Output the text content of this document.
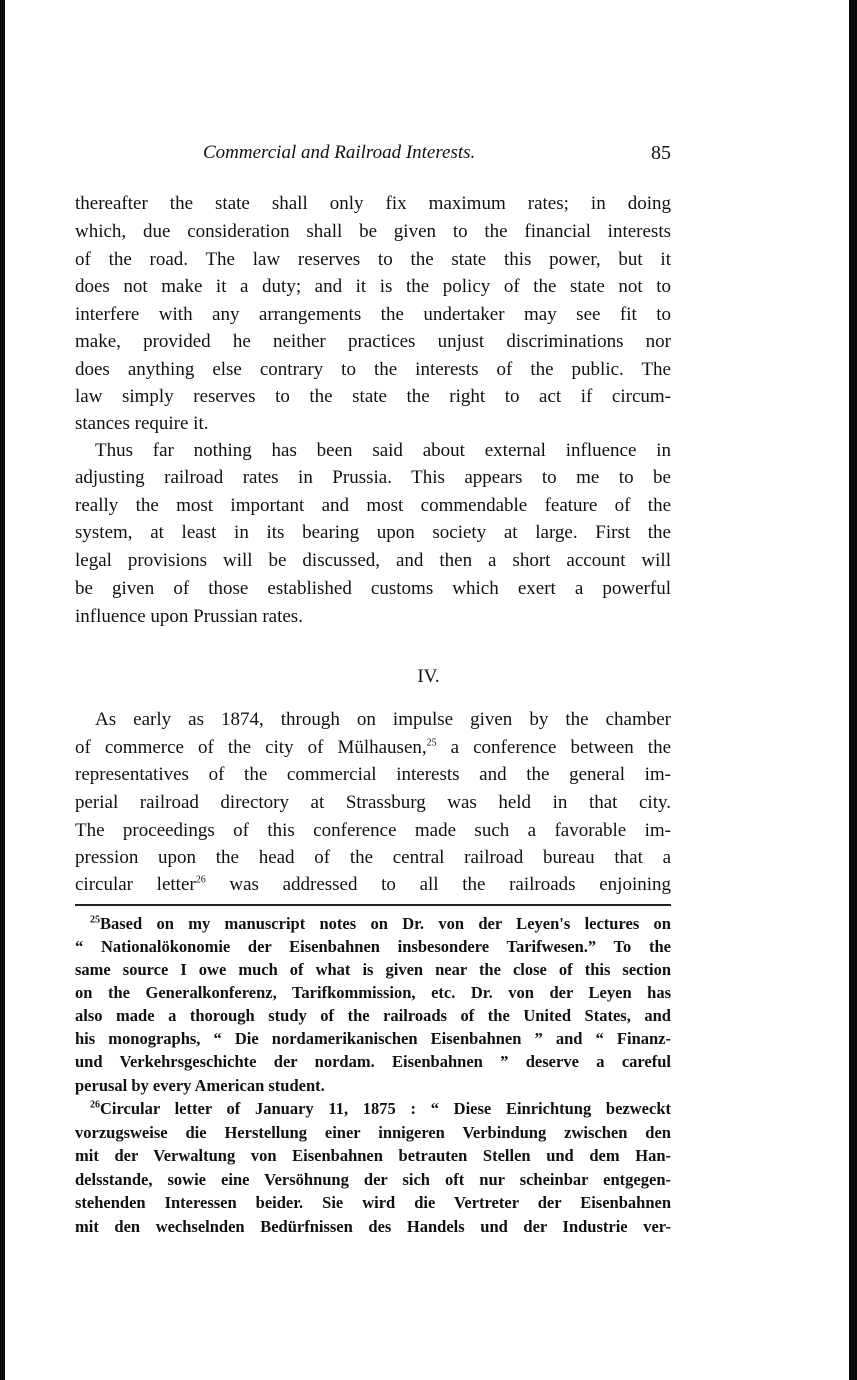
Commercial and Railroad Interests.	85
thereafter the state shall only fix maximum rates; in doing
which, due consideration shall be given to the financial interests
of the road. The law reserves to the state this power, but it
does not make it a duty; and it is the policy of the state not to
interfere with any arrangements the undertaker may see fit to
make, provided he neither practices unjust discriminations nor
does anything else contrary to the interests of the public. The
law simply reserves to the state the right to act if circum-
stances require it.
Thus far nothing has been said about external influence in
adjusting railroad rates in Prussia. This appears to me to be
really the most important and most commendable feature of the
system, at least in its bearing upon society at large. First the
legal provisions will be discussed, and then a short account will
be given of those established customs which exert a powerful
influence upon Prussian rates.
As early as 1874, through on impulse given by the chamber
of commerce of the city of Mülhausen,$^{25}$ a conference between the
representatives of the commercial interests and the general im-
perial railroad directory at Strassburg was held in that city.
The proceedings of this conference made such a favorable im-
pression upon the head of the central railroad bureau that a
circular letter$^{26}$ was addressed to all the railroads enjoining
$^{25}$Based on my manuscript notes on Dr. von der Leyen's lectures on
“ Nationalökonomie der Eisenbahnen insbesondere Tarifwesen.” To the
same source I owe much of what is given near the close of this section
on the Generalkonferenz, Tarifkommission, etc. Dr. von der Leyen has
also made a thorough study of the railroads of the United States, and
his monographs, “ Die nordamerikanischen Eisenbahnen ” and “ Finanz-
und Verkehrsgeschichte der nordam. Eisenbahnen ” deserve a careful
perusal by every American student.
$^{26}$Circular letter of January 11, 1875 : “ Diese Einrichtung bezweckt
vorzugsweise die Herstellung einer innigeren Verbindung zwischen den
mit der Verwaltung von Eisenbahnen betrauten Stellen und dem Han-
delsstande, sowie eine Versöhnung der sich oft nur scheinbar entgegen-
stehenden Interessen beider. Sie wird die Vertreter der Eisenbahnen
mit den wechselnden Bedürfnissen des Handels und der Industrie ver-
IV.
